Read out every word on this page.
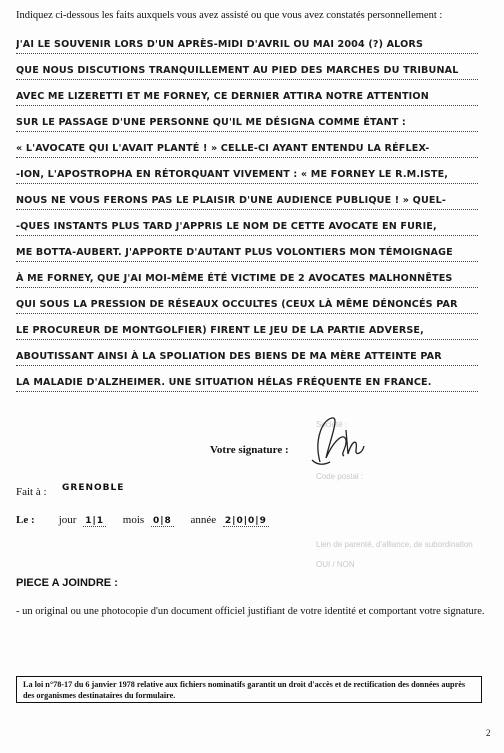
Indiquez ci-dessous les faits auxquels vous avez assisté ou que vous avez constatés personnellement :
J'AI LE SOUVENIR LORS D'UN APRÈS-MIDI D'AVRIL OU MAI 2004 (?) ALORS
QUE NOUS DISCUTIONS TRANQUILLEMENT AU PIED DES MARCHES DU TRIBUNAL
AVEC ME LIZERETTI ET ME FORNEY, CE DERNIER ATTIRA NOTRE ATTENTION
SUR LE PASSAGE D'UNE PERSONNE QU'IL ME DÉSIGNA COMME ÉTANT :
« L'AVOCATE QUI L'AVAIT PLANTÉ ! » CELLE-CI AYANT ENTENDU LA RÉFLEX-
-ION, L'APOSTROPHA EN RÉTORQUANT VIVEMENT : « ME FORNEY LE R.M.ISTE,
NOUS NE VOUS FERONS PAS LE PLAISIR D'UNE AUDIENCE PUBLIQUE ! » QUEL-
-QUES INSTANTS PLUS TARD J'APPRIS LE NOM DE CETTE AVOCATE EN FURIE,
ME BOTTA-AUBERT. J'APPORTE D'AUTANT PLUS VOLONTIERS MON TÉMOIGNAGE
À ME FORNEY, QUE J'AI MOI-MÊME ÉTÉ VICTIME DE 2 AVOCATES MALHONNÊTES
QUI SOUS LA PRESSION DE RÉSEAUX OCCULTES (CEUX LÀ MÊME DÉNONCÉS PAR
LE PROCUREUR DE MONTGOLFIER) FIRENT LE JEU DE LA PARTIE ADVERSE,
ABOUTISSANT AINSI À LA SPOLIATION DES BIENS DE MA MÈRE ATTEINTE PAR
LA MALADIE D'ALZHEIMER. UNE SITUATION HÉLAS FRÉQUENTE EN FRANCE.
Société :
Code postal :
Lien de parenté, d'alliance, de subordination
OUI / NON
Votre signature :
Fait à : GRENOBLE
Le : jour 1|1 mois 0|8 année 2|0|0|9
PIECE A JOINDRE :
- un original ou une photocopie d'un document officiel justifiant de votre identité et comportant votre signature.
La loi n°78-17 du 6 janvier 1978 relative aux fichiers nominatifs garantit un droit d'accès et de rectification des données auprès des organismes destinataires du formulaire.
2
